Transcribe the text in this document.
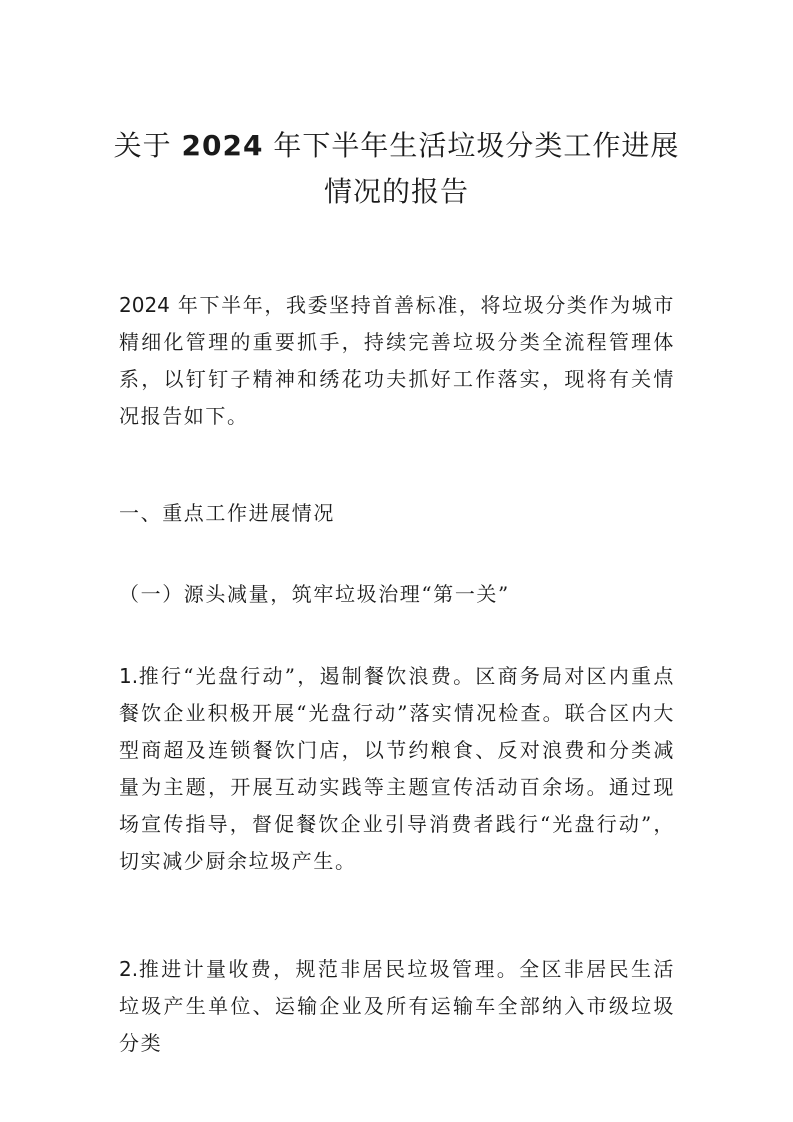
关于 2024 年下半年生活垃圾分类工作进展
情况的报告

2024 年下半年，我委坚持首善标准，将垃圾分类作为城市精细化管理的重要抓手，持续完善垃圾分类全流程管理体系，以钉钉子精神和绣花功夫抓好工作落实，现将有关情况报告如下。

一、重点工作进展情况

（一）源头减量，筑牢垃圾治理“第一关”

1.推行“光盘行动”，遏制餐饮浪费。区商务局对区内重点餐饮企业积极开展“光盘行动”落实情况检查。联合区内大型商超及连锁餐饮门店，以节约粮食、反对浪费和分类减量为主题，开展互动实践等主题宣传活动百余场。通过现场宣传指导，督促餐饮企业引导消费者践行“光盘行动”，切实减少厨余垃圾产生。

2.推进计量收费，规范非居民垃圾管理。全区非居民生活垃圾产生单位、运输企业及所有运输车全部纳入市级垃圾分类
